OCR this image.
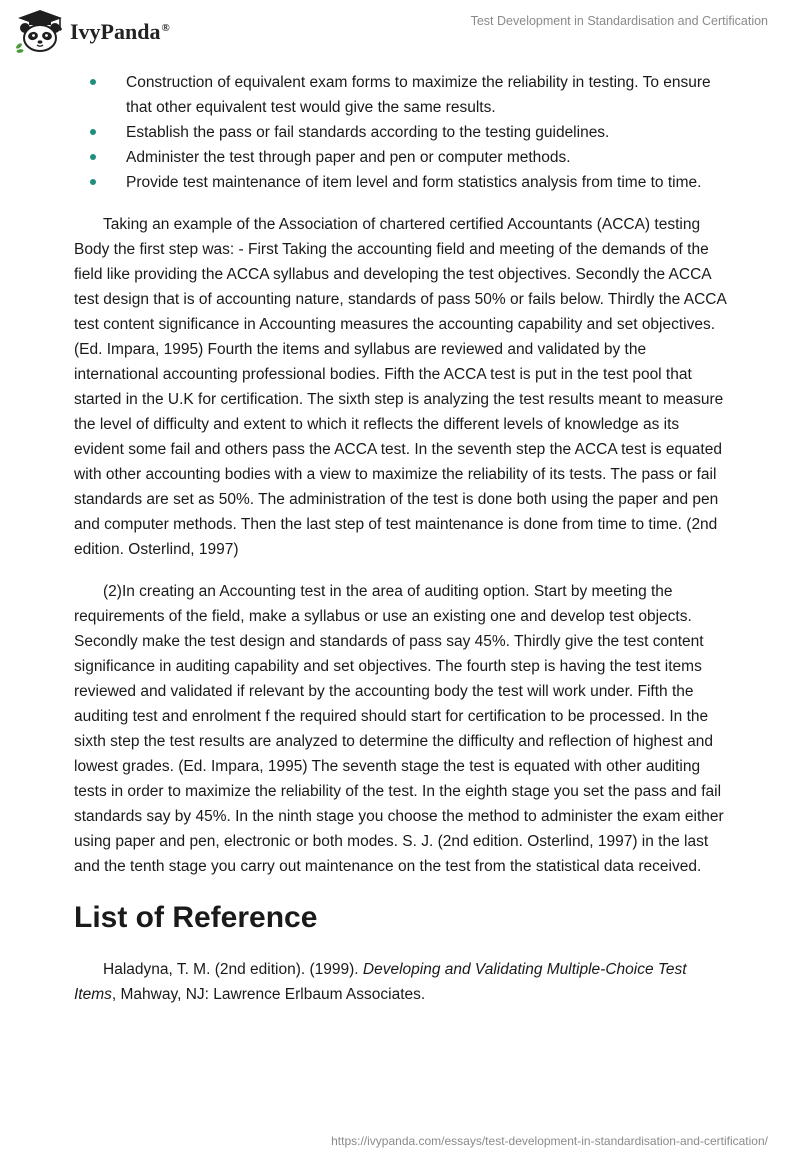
IvyPanda®	Test Development in Standardisation and Certification
Construction of equivalent exam forms to maximize the reliability in testing. To ensure that other equivalent test would give the same results.
Establish the pass or fail standards according to the testing guidelines.
Administer the test through paper and pen or computer methods.
Provide test maintenance of item level and form statistics analysis from time to time.

Taking an example of the Association of chartered certified Accountants (ACCA) testing Body the first step was: - First Taking the accounting field and meeting of the demands of the field like providing the ACCA syllabus and developing the test objectives. Secondly the ACCA test design that is of accounting nature, standards of pass 50% or fails below. Thirdly the ACCA test content significance in Accounting measures the accounting capability and set objectives. (Ed. Impara, 1995) Fourth the items and syllabus are reviewed and validated by the international accounting professional bodies. Fifth the ACCA test is put in the test pool that started in the U.K for certification. The sixth step is analyzing the test results meant to measure the level of difficulty and extent to which it reflects the different levels of knowledge as its evident some fail and others pass the ACCA test. In the seventh step the ACCA test is equated with other accounting bodies with a view to maximize the reliability of its tests. The pass or fail standards are set as 50%. The administration of the test is done both using the paper and pen and computer methods. Then the last step of test maintenance is done from time to time. (2nd edition. Osterlind, 1997)

(2)In creating an Accounting test in the area of auditing option. Start by meeting the requirements of the field, make a syllabus or use an existing one and develop test objects. Secondly make the test design and standards of pass say 45%. Thirdly give the test content significance in auditing capability and set objectives. The fourth step is having the test items reviewed and validated if relevant by the accounting body the test will work under. Fifth the auditing test and enrolment f the required should start for certification to be processed. In the sixth step the test results are analyzed to determine the difficulty and reflection of highest and lowest grades. (Ed. Impara, 1995) The seventh stage the test is equated with other auditing tests in order to maximize the reliability of the test. In the eighth stage you set the pass and fail standards say by 45%. In the ninth stage you choose the method to administer the exam either using paper and pen, electronic or both modes. S. J. (2nd edition. Osterlind, 1997) in the last and the tenth stage you carry out maintenance on the test from the statistical data received.

List of Reference

Haladyna, T. M. (2nd edition). (1999). Developing and Validating Multiple-Choice Test Items, Mahway, NJ: Lawrence Erlbaum Associates.

https://ivypanda.com/essays/test-development-in-standardisation-and-certification/
